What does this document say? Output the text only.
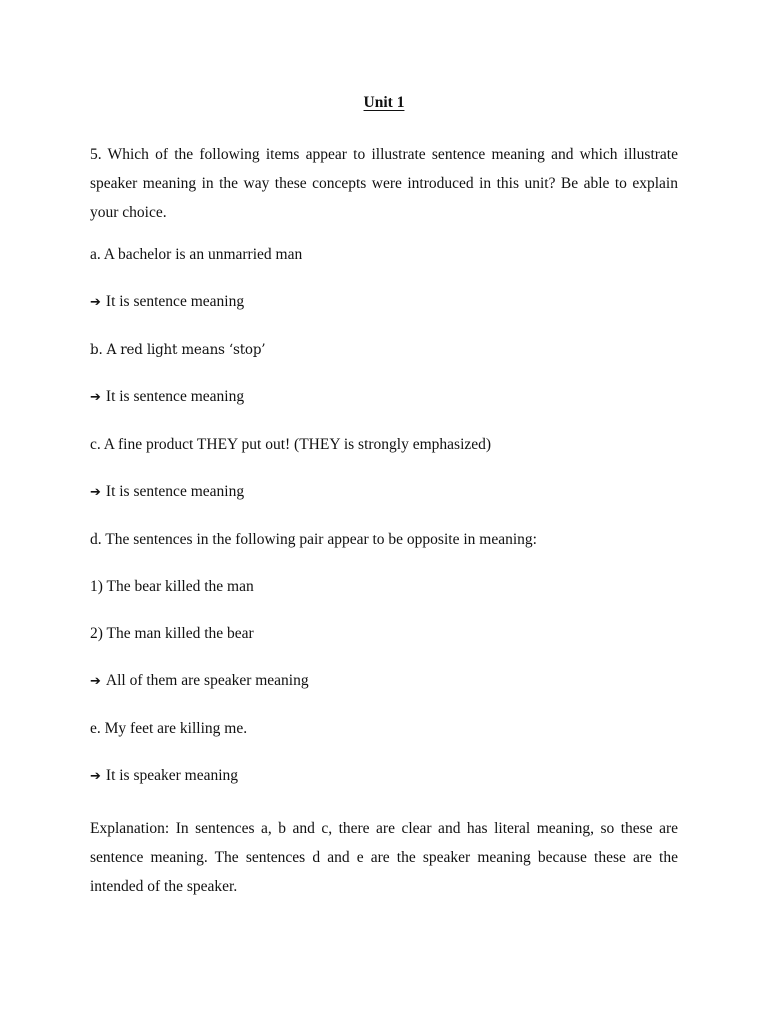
Unit 1

5. Which of the following items appear to illustrate sentence meaning and which illustrate speaker meaning in the way these concepts were introduced in this unit? Be able to explain your choice.

a. A bachelor is an unmarried man

➔ It is sentence meaning

b. A red light means ‘stop’

➔ It is sentence meaning

c. A fine product THEY put out! (THEY is strongly emphasized)

➔ It is sentence meaning

d. The sentences in the following pair appear to be opposite in meaning:

1) The bear killed the man

2) The man killed the bear

➔ All of them are speaker meaning

e. My feet are killing me.

➔ It is speaker meaning

Explanation: In sentences a, b and c, there are clear and has literal meaning, so these are sentence meaning. The sentences d and e are the speaker meaning because these are the intended of the speaker.
